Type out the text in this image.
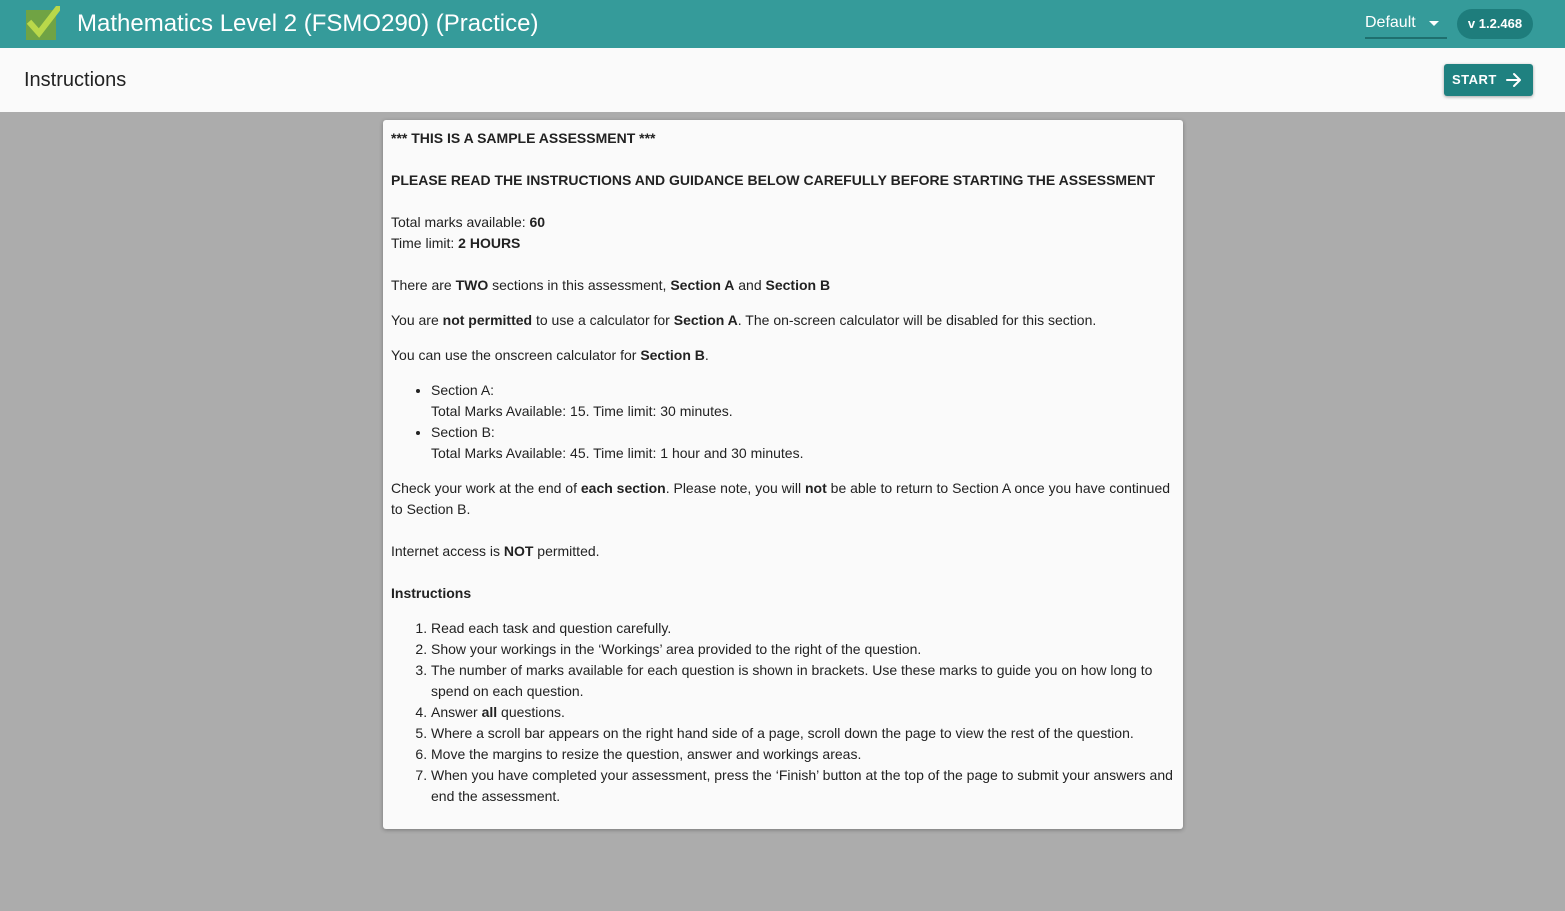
Mathematics Level 2 (FSMO290) (Practice)	Default	v 1.2.468
Instructions	START

*** THIS IS A SAMPLE ASSESSMENT ***

PLEASE READ THE INSTRUCTIONS AND GUIDANCE BELOW CAREFULLY BEFORE STARTING THE ASSESSMENT

Total marks available: 60

Time limit: 2 HOURS

There are TWO sections in this assessment, Section A and Section B

You are not permitted to use a calculator for Section A. The on-screen calculator will be disabled for this section.

You can use the onscreen calculator for Section B.

• Section A:
Total Marks Available: 15. Time limit: 30 minutes.
• Section B:
Total Marks Available: 45. Time limit: 1 hour and 30 minutes.

Check your work at the end of each section. Please note, you will not be able to return to Section A once you have continued to Section B.

Internet access is NOT permitted.

Instructions

1. Read each task and question carefully.
2. Show your workings in the ‘Workings’ area provided to the right of the question.
3. The number of marks available for each question is shown in brackets. Use these marks to guide you on how long to spend on each question.
4. Answer all questions.
5. Where a scroll bar appears on the right hand side of a page, scroll down the page to view the rest of the question.
6. Move the margins to resize the question, answer and workings areas.
7. When you have completed your assessment, press the ‘Finish’ button at the top of the page to submit your answers and end the assessment.
